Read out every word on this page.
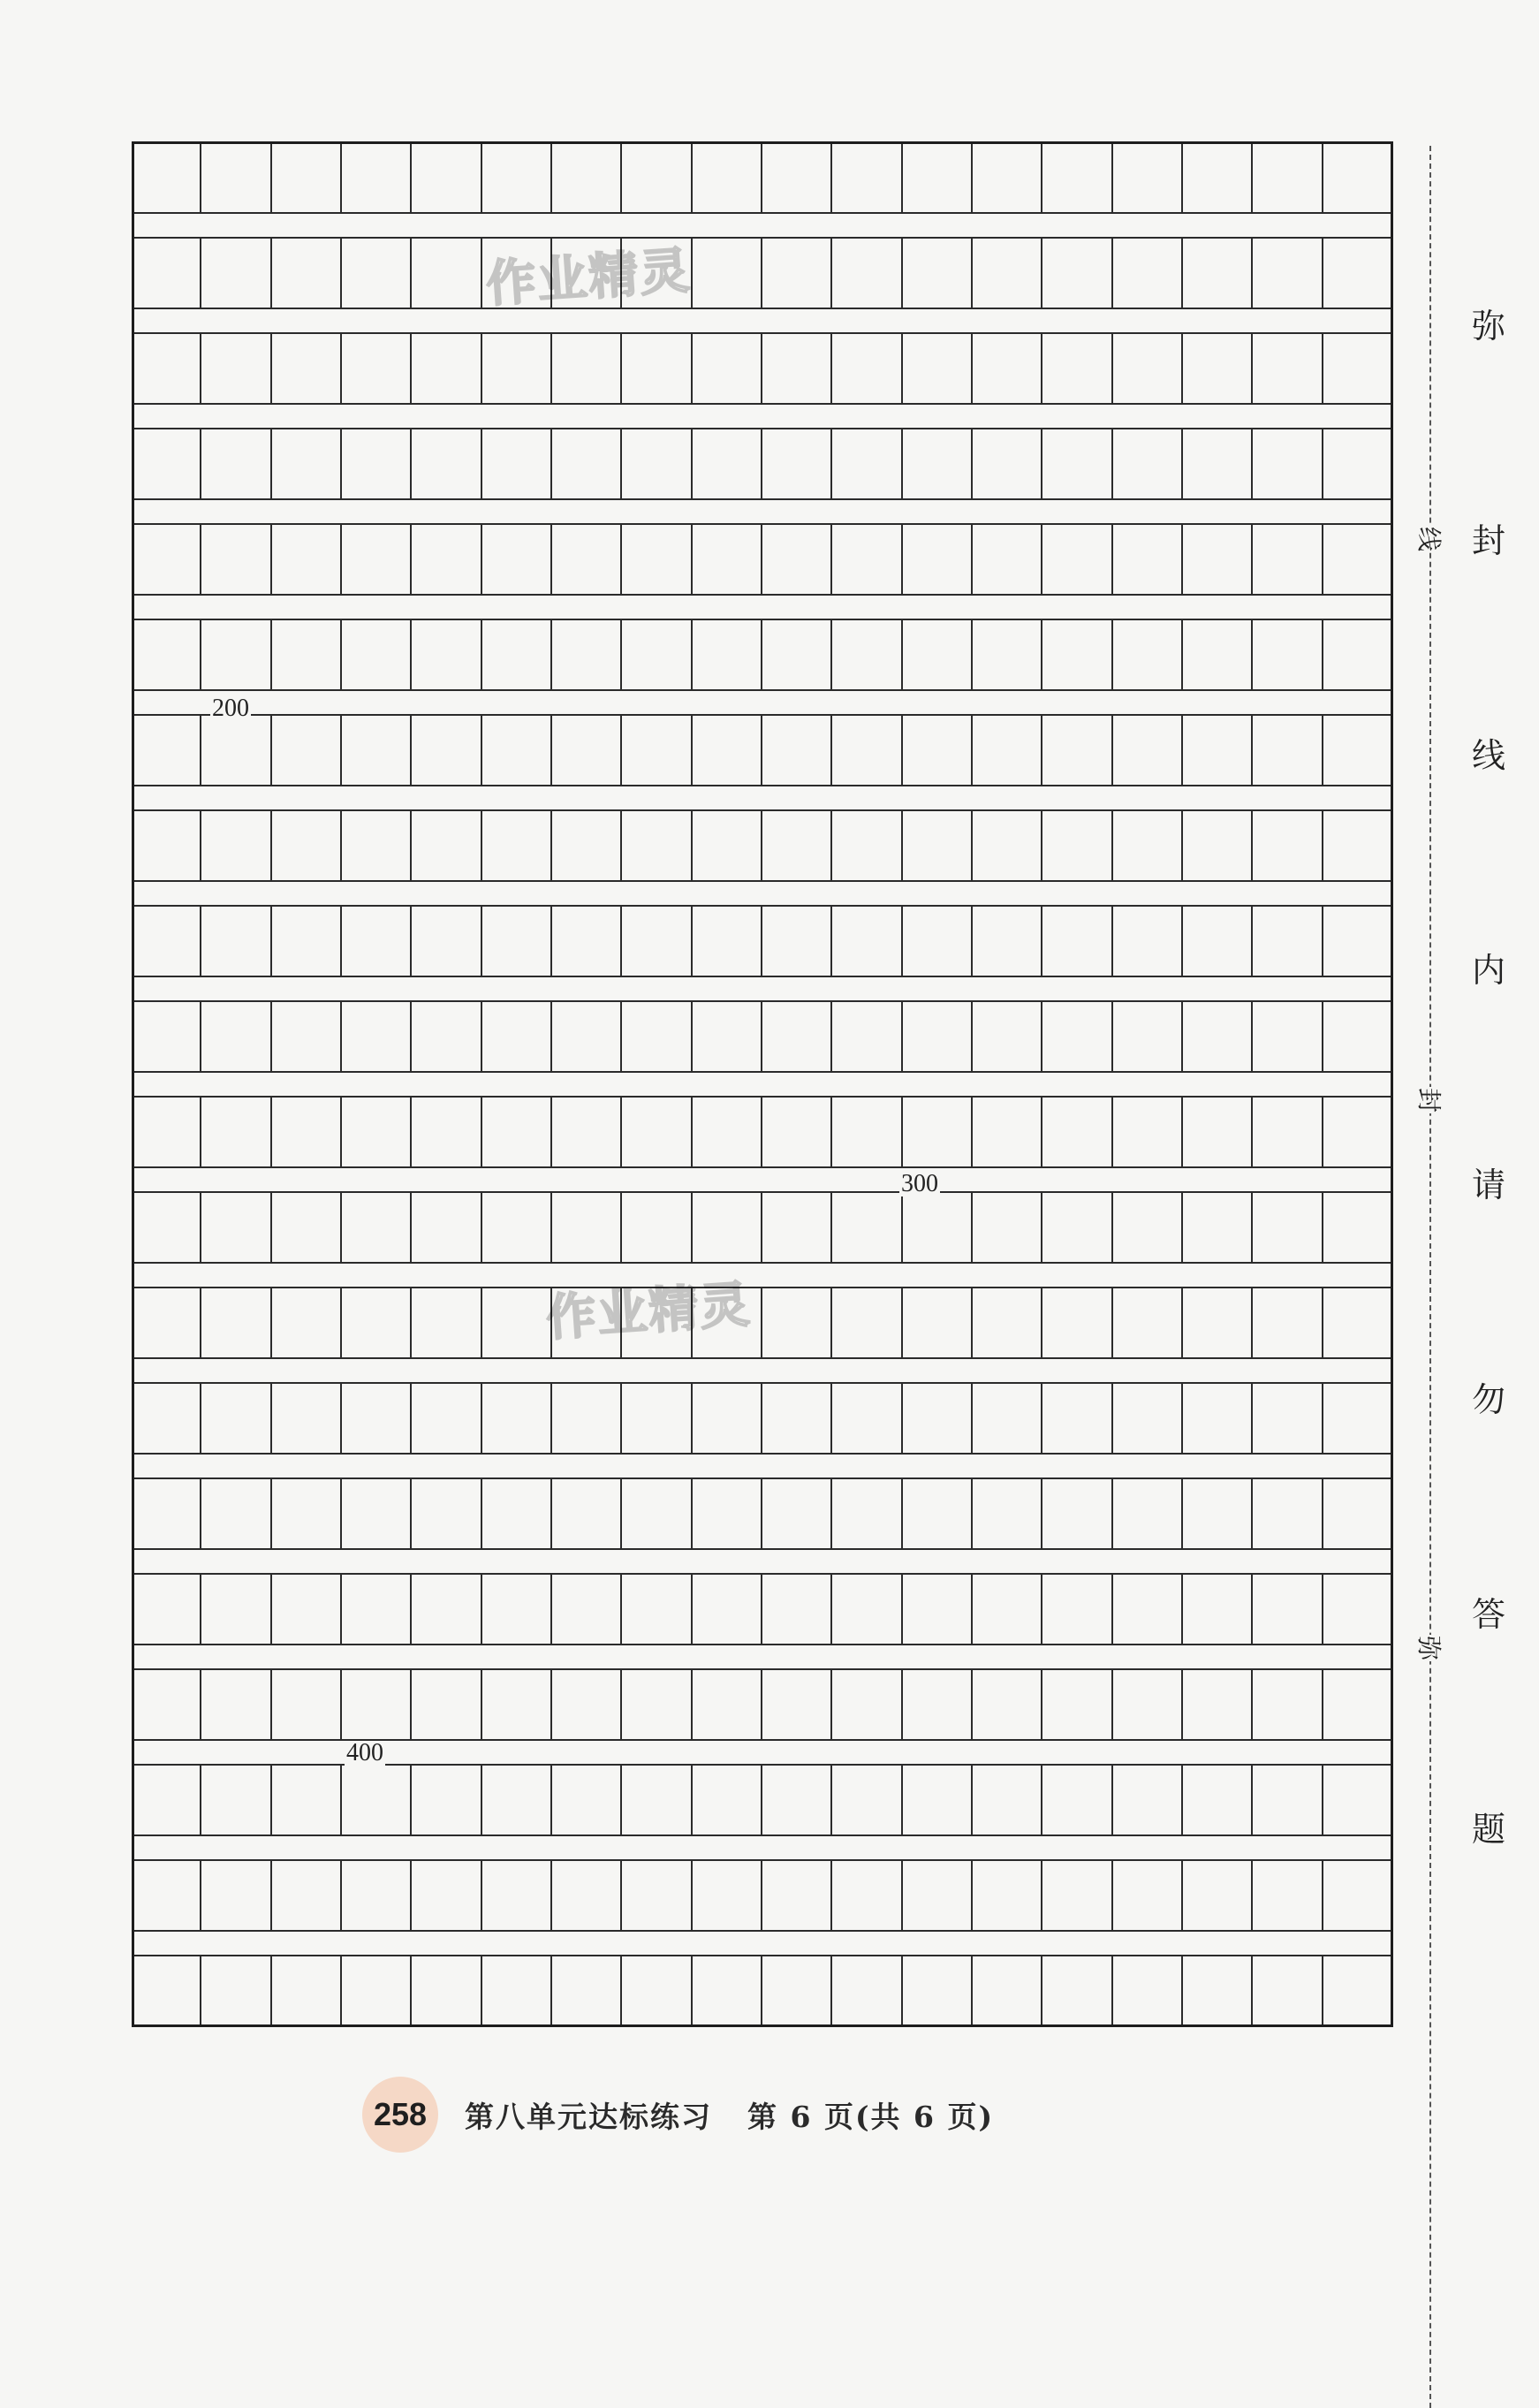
200
300
400
作业精灵
作业精灵
线
封
弥
弥
封
线
内
请
勿
答
题
258	第八单元达标练习 第 6 页(共 6 页)
